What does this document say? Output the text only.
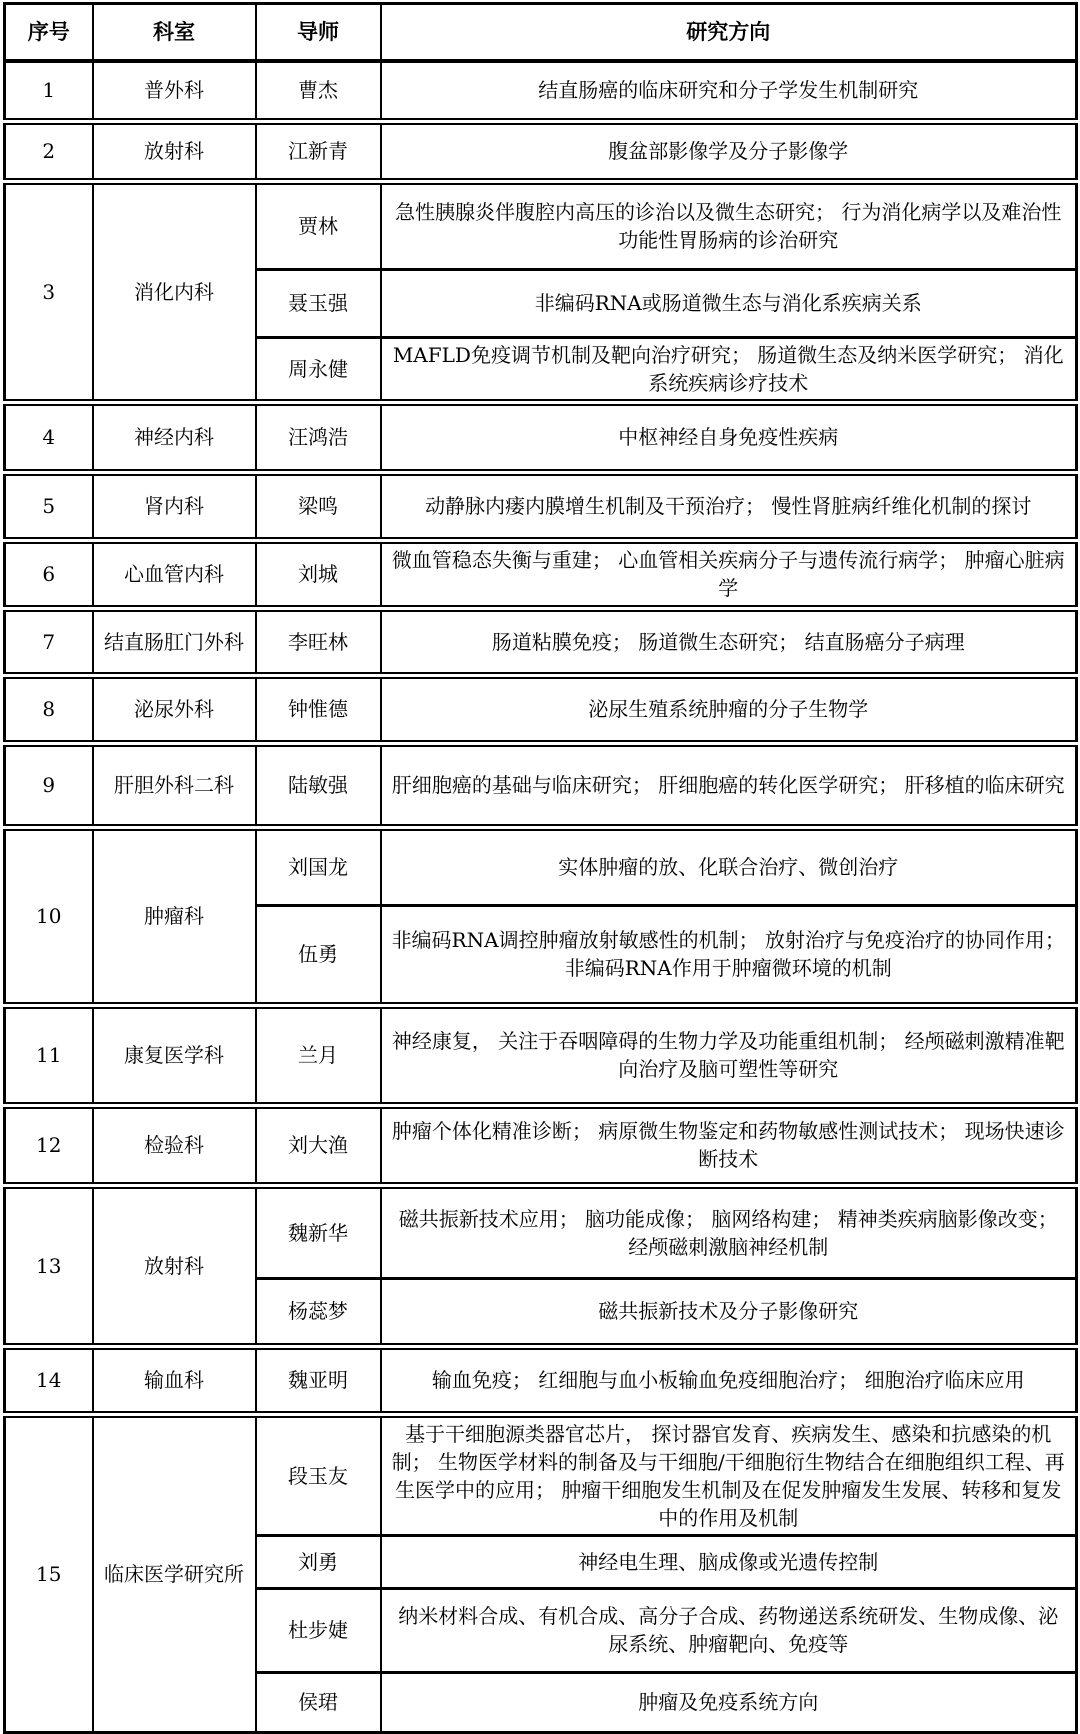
序号	科室	导师	研究方向
1	普外科	曹杰	结直肠癌的临床研究和分子学发生机制研究
2	放射科	江新青	腹盆部影像学及分子影像学
3	消化内科	贾林	急性胰腺炎伴腹腔内高压的诊治以及微生态研究； 行为消化病学以及难治性功能性胃肠病的诊治研究
		聂玉强	非编码RNA或肠道微生态与消化系疾病关系
		周永健	MAFLD免疫调节机制及靶向治疗研究； 肠道微生态及纳米医学研究； 消化系统疾病诊疗技术
4	神经内科	汪鸿浩	中枢神经自身免疫性疾病
5	肾内科	梁鸣	动静脉内瘘内膜增生机制及干预治疗； 慢性肾脏病纤维化机制的探讨
6	心血管内科	刘城	微血管稳态失衡与重建； 心血管相关疾病分子与遗传流行病学； 肿瘤心脏病学
7	结直肠肛门外科	李旺林	肠道粘膜免疫； 肠道微生态研究； 结直肠癌分子病理
8	泌尿外科	钟惟德	泌尿生殖系统肿瘤的分子生物学
9	肝胆外科二科	陆敏强	肝细胞癌的基础与临床研究； 肝细胞癌的转化医学研究； 肝移植的临床研究
10	肿瘤科	刘国龙	实体肿瘤的放、化联合治疗、微创治疗
		伍勇	非编码RNA调控肿瘤放射敏感性的机制； 放射治疗与免疫治疗的协同作用； 非编码RNA作用于肿瘤微环境的机制
11	康复医学科	兰月	神经康复， 关注于吞咽障碍的生物力学及功能重组机制； 经颅磁刺激精准靶向治疗及脑可塑性等研究
12	检验科	刘大渔	肿瘤个体化精准诊断； 病原微生物鉴定和药物敏感性测试技术； 现场快速诊断技术
13	放射科	魏新华	磁共振新技术应用； 脑功能成像； 脑网络构建； 精神类疾病脑影像改变； 经颅磁刺激脑神经机制
		杨蕊梦	磁共振新技术及分子影像研究
14	输血科	魏亚明	输血免疫； 红细胞与血小板输血免疫细胞治疗； 细胞治疗临床应用
15	临床医学研究所	段玉友	基于干细胞源类器官芯片， 探讨器官发育、疾病发生、感染和抗感染的机制； 生物医学材料的制备及与干细胞/干细胞衍生物结合在细胞组织工程、再生医学中的应用； 肿瘤干细胞发生机制及在促发肿瘤发生发展、转移和复发中的作用及机制
		刘勇	神经电生理、脑成像或光遗传控制
		杜步婕	纳米材料合成、有机合成、高分子合成、药物递送系统研发、生物成像、泌尿系统、肿瘤靶向、免疫等
		侯珺	肿瘤及免疫系统方向
